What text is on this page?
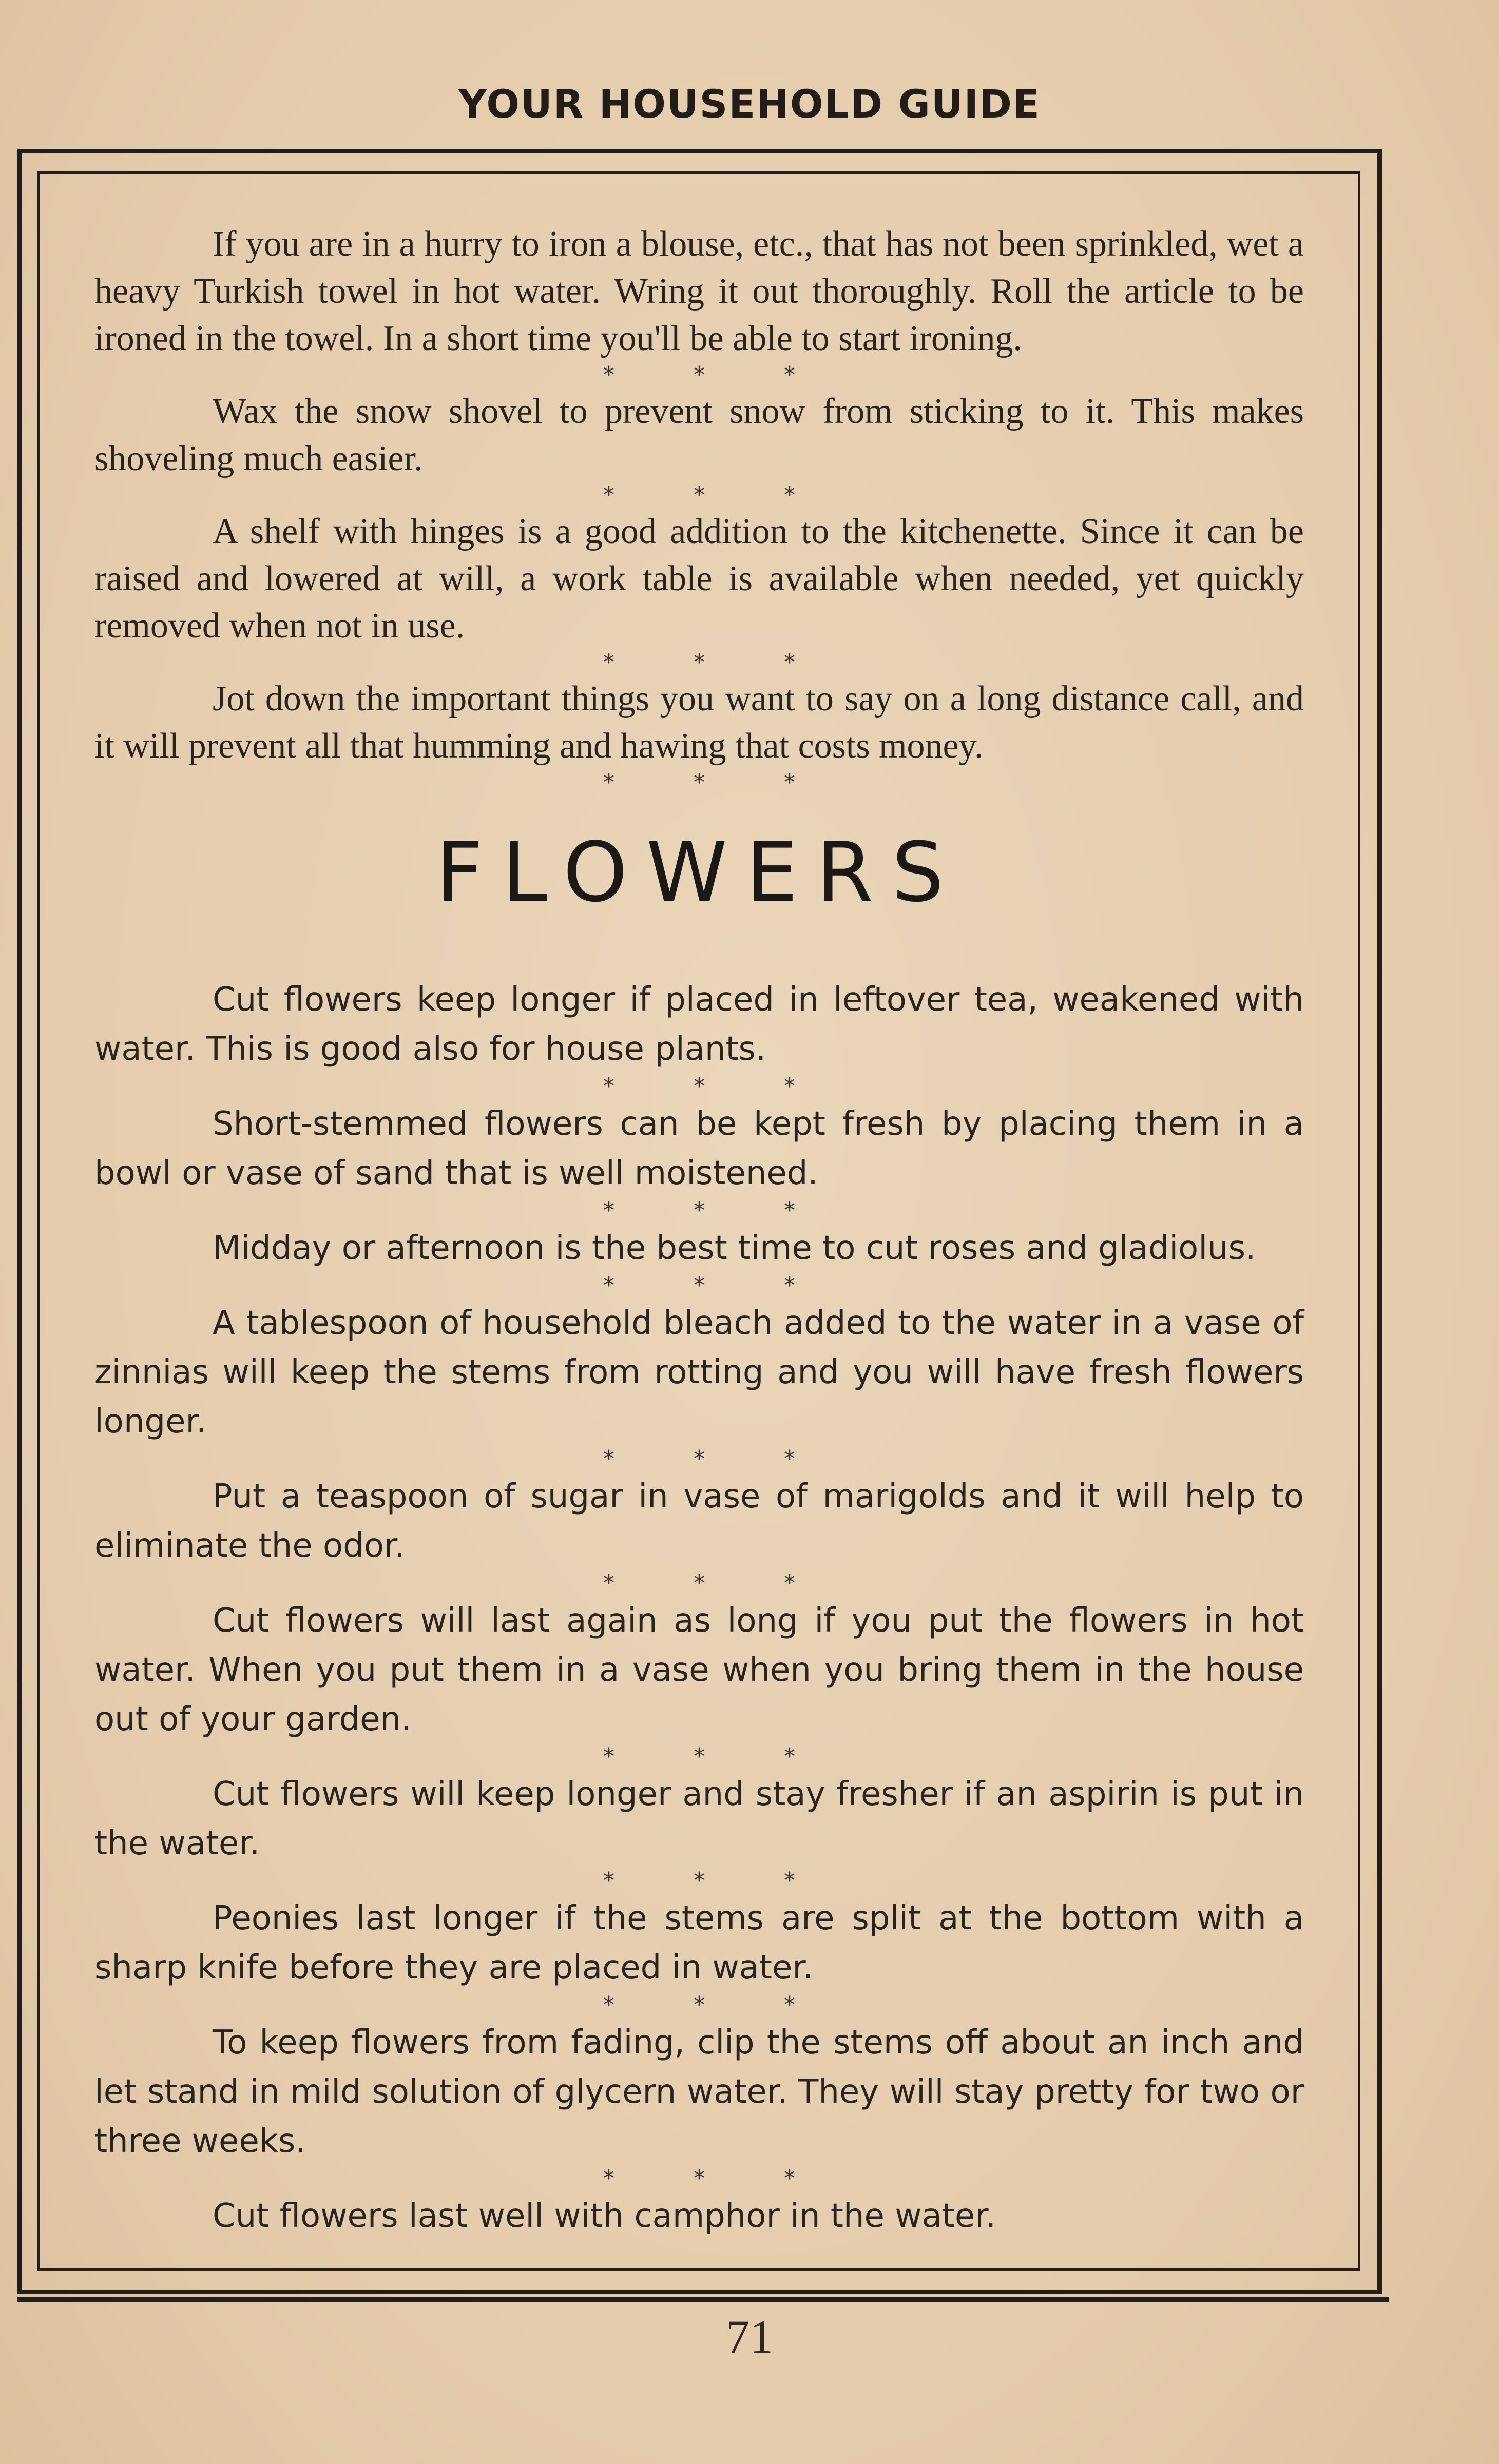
YOUR HOUSEHOLD GUIDE

If you are in a hurry to iron a blouse, etc., that has not been sprinkled, wet a heavy Turkish towel in hot water. Wring it out thoroughly. Roll the article to be ironed in the towel. In a short time you'll be able to start ironing.

* * *

Wax the snow shovel to prevent snow from sticking to it. This makes shoveling much easier.

* * *

A shelf with hinges is a good addition to the kitchenette. Since it can be raised and lowered at will, a work table is available when needed, yet quickly removed when not in use.

* * *

Jot down the important things you want to say on a long distance call, and it will prevent all that humming and hawing that costs money.

* * *
FLOWERS

Cut flowers keep longer if placed in leftover tea, weakened with water. This is good also for house plants.

* * *

Short-stemmed flowers can be kept fresh by placing them in a bowl or vase of sand that is well moistened.

* * *

Midday or afternoon is the best time to cut roses and gladiolus.

* * *

A tablespoon of household bleach added to the water in a vase of zinnias will keep the stems from rotting and you will have fresh flowers longer.

* * *

Put a teaspoon of sugar in vase of marigolds and it will help to eliminate the odor.

* * *

Cut flowers will last again as long if you put the flowers in hot water. When you put them in a vase when you bring them in the house out of your garden.

* * *

Cut flowers will keep longer and stay fresher if an aspirin is put in the water.

* * *

Peonies last longer if the stems are split at the bottom with a sharp knife before they are placed in water.

* * *

To keep flowers from fading, clip the stems off about an inch and let stand in mild solution of glycern water. They will stay pretty for two or three weeks.

* * *

Cut flowers last well with camphor in the water.

71
